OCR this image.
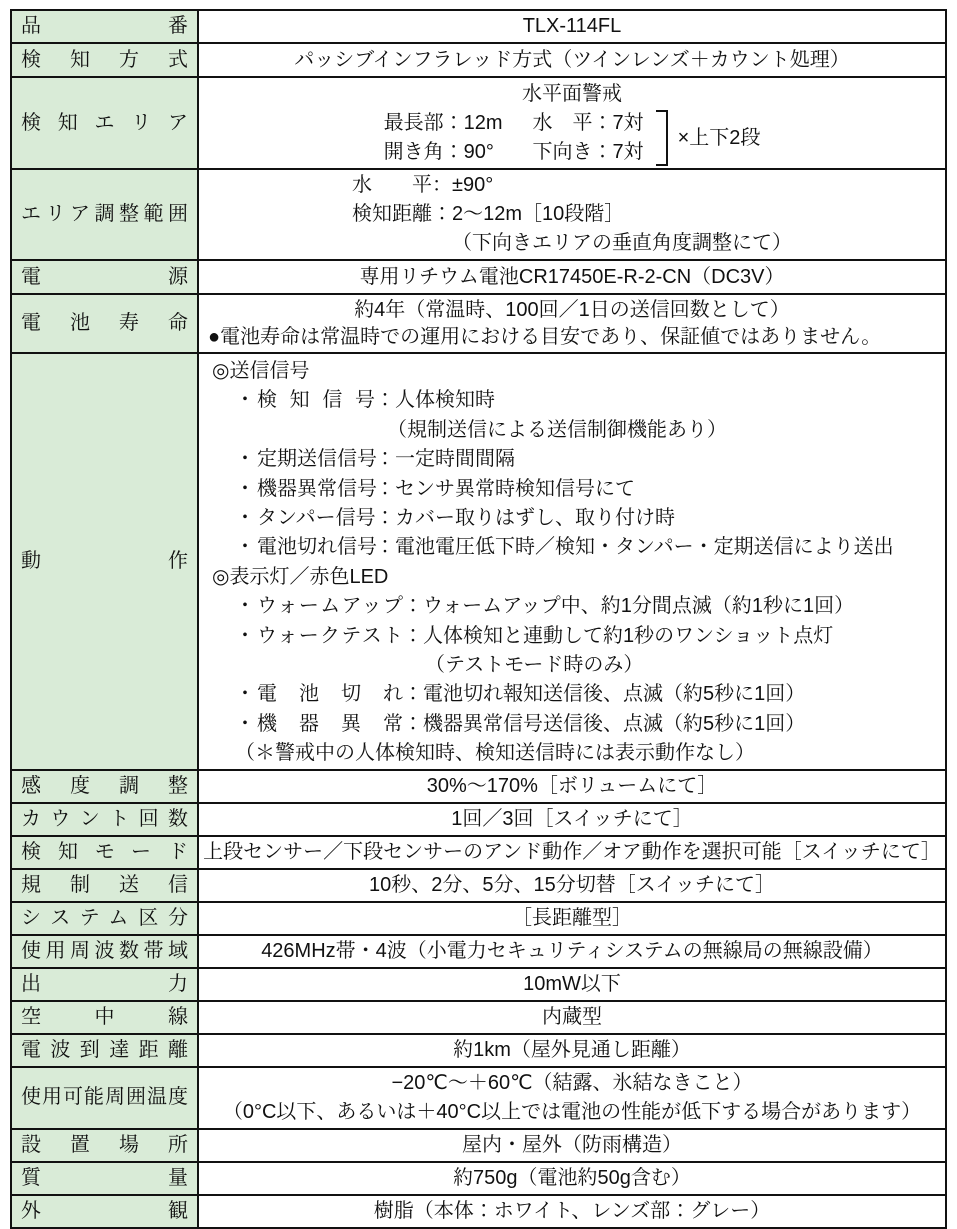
品番	TLX-114FL
検知方式	パッシブインフラレッド方式（ツインレンズ＋カウント処理）
検知エリア	
水平面警戒
最長部：12m
開き角：90°
水平：7対
下向き：7対
×上下2段

エリア調整範囲	水平：±90°
検知距離：2～12m［10段階］
（下向きエリアの垂直角度調整にて）

電源	専用リチウム電池CR17450E-R-2-CN（DC3V）
電池寿命	約4年（常温時、100回／1日の送信回数として）
●電池寿命は常温時での運用における目安であり、保証値ではありません。

動作	
◎送信信号
・ 検知信号：人体検知時
（規制送信による送信制御機能あり）
・ 定期送信信号：一定時間間隔
・ 機器異常信号：センサ異常時検知信号にて
・ タンパー信号：カバー取りはずし、取り付け時
・ 電池切れ信号：電池電圧低下時／検知・タンパー・定期送信により送出
◎表示灯／赤色LED
・ ウォームアップ：ウォームアップ中、約1分間点滅（約1秒に1回）
・ ウォークテスト：人体検知と連動して約1秒のワンショット点灯
（テストモード時のみ）
・ 電池切れ：電池切れ報知送信後、点滅（約5秒に1回）
・ 機器異常：機器異常信号送信後、点滅（約5秒に1回）
（＊警戒中の人体検知時、検知送信時には表示動作なし）

感度調整	30%～170%［ボリュームにて］
カウント回数	1回／3回［スイッチにて］
検知モード	上段センサー／下段センサーのアンド動作／オア動作を選択可能［スイッチにて］
規制送信	10秒、2分、5分、15分切替［スイッチにて］
システム区分	［長距離型］
使用周波数帯域	426MHz帯・4波（小電力セキュリティシステムの無線局の無線設備）
出力	10mW以下
空中線	内蔵型
電波到達距離	約1km（屋外見通し距離）
使用可能周囲温度	−20℃～＋60℃（結露、氷結なきこと）
（0°C以下、あるいは＋40°C以上では電池の性能が低下する場合があります）

設置場所	屋内・屋外（防雨構造）
質量	約750g（電池約50g含む）
外観	樹脂（本体：ホワイト、レンズ部：グレー）
